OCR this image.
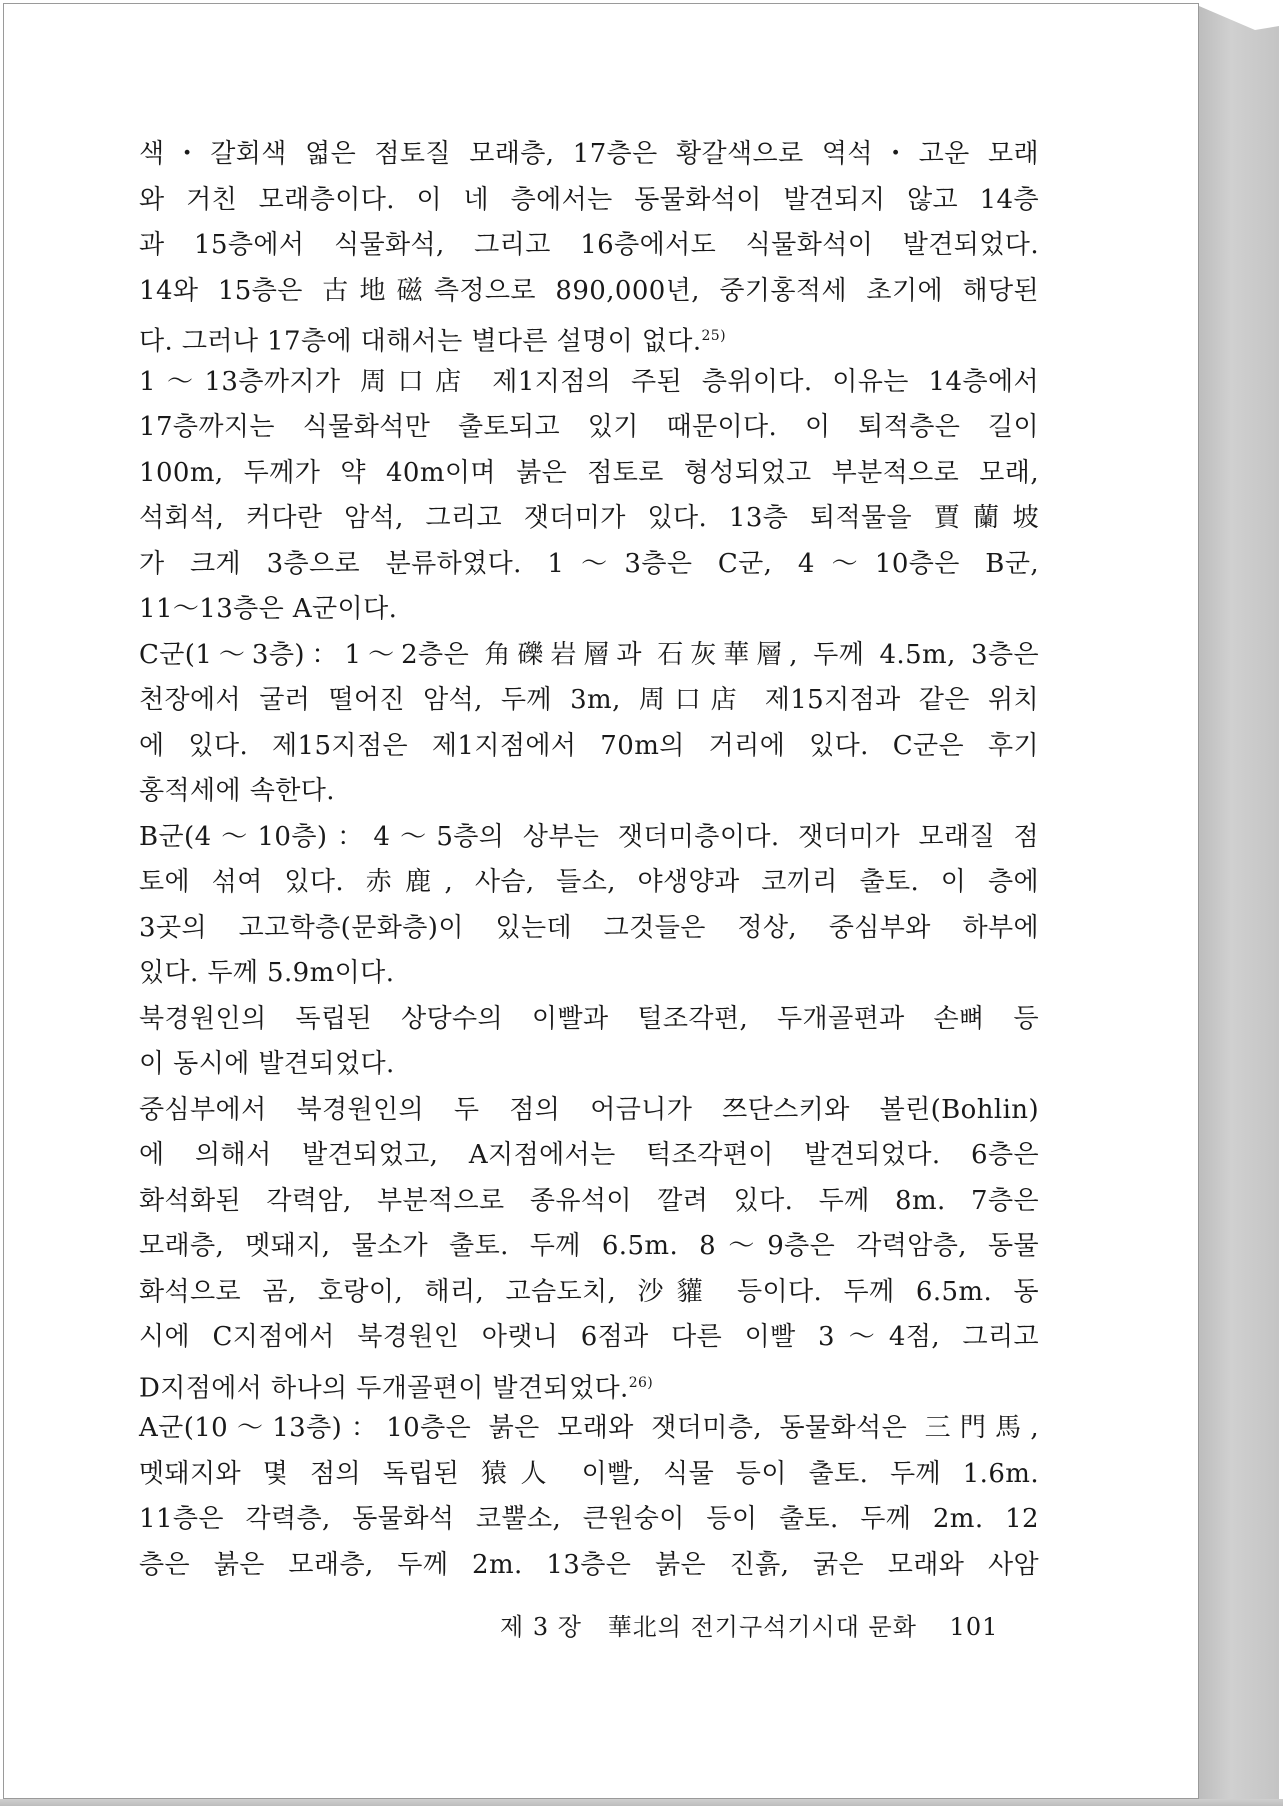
색・갈회색 엷은 점토질 모래층, 17층은 황갈색으로 역석・고운 모래
와 거친 모래층이다. 이 네 층에서는 동물화석이 발견되지 않고 14층
과 15층에서 식물화석, 그리고 16층에서도 식물화석이 발견되었다.
14와 15층은 古地磁측정으로 890,000년, 중기홍적세 초기에 해당된
다. 그러나 17층에 대해서는 별다른 설명이 없다.$^{25)}$
1～13층까지가 周口店 제1지점의 주된 층위이다. 이유는 14층에서
17층까지는 식물화석만 출토되고 있기 때문이다. 이 퇴적층은 길이
100m, 두께가 약 40m이며 붉은 점토로 형성되었고 부분적으로 모래,
석회석, 커다란 암석, 그리고 잿더미가 있다. 13층 퇴적물을 賈蘭坡
가 크게 3층으로 분류하였다. 1～3층은 C군, 4～10층은 B군,
11～13층은 A군이다.
C군(1～3층)：1～2층은 角礫岩層과 石灰華層, 두께 4.5m, 3층은
천장에서 굴러 떨어진 암석, 두께 3m, 周口店 제15지점과 같은 위치
에 있다. 제15지점은 제1지점에서 70m의 거리에 있다. C군은 후기
홍적세에 속한다.
B군(4～10층)：4～5층의 상부는 잿더미층이다. 잿더미가 모래질 점
토에 섞여 있다. 赤鹿, 사슴, 들소, 야생양과 코끼리 출토. 이 층에
3곳의 고고학층(문화층)이 있는데 그것들은 정상, 중심부와 하부에
있다. 두께 5.9m이다.
북경원인의 독립된 상당수의 이빨과 털조각편, 두개골편과 손뼈 등
이 동시에 발견되었다.
중심부에서 북경원인의 두 점의 어금니가 쯔단스키와 볼린(Bohlin)
에 의해서 발견되었고, A지점에서는 턱조각편이 발견되었다. 6층은
화석화된 각력암, 부분적으로 종유석이 깔려 있다. 두께 8m. 7층은
모래층, 멧돼지, 물소가 출토. 두께 6.5m. 8～9층은 각력암층, 동물
화석으로 곰, 호랑이, 해리, 고슴도치, 沙貛 등이다. 두께 6.5m. 동
시에 C지점에서 북경원인 아랫니 6점과 다른 이빨 3～4점, 그리고
D지점에서 하나의 두개골편이 발견되었다.$^{26)}$
A군(10～13층)：10층은 붉은 모래와 잿더미층, 동물화석은 三門馬,
멧돼지와 몇 점의 독립된 猿人 이빨, 식물 등이 출토. 두께 1.6m.
11층은 각력층, 동물화석 코뿔소, 큰원숭이 등이 출토. 두께 2m. 12
층은 붉은 모래층, 두께 2m. 13층은 붉은 진흙, 굵은 모래와 사암
제 3 장 華北의 전기구석기시대 문화 101
